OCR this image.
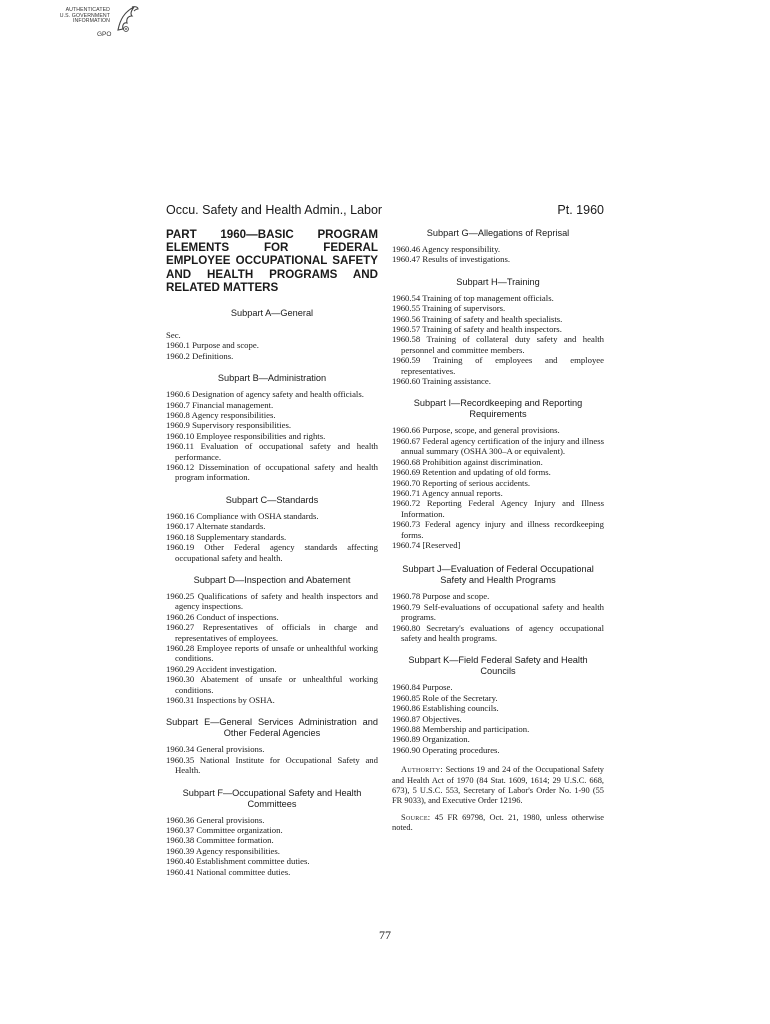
AUTHENTICATED
U.S. GOVERNMENT
INFORMATION
GPO
Occu. Safety and Health Admin., Labor	Pt. 1960
PART 1960—BASIC PROGRAM ELEMENTS FOR FEDERAL EMPLOYEE OCCUPATIONAL SAFETY AND HEALTH PROGRAMS AND RELATED MATTERS
Subpart A—General
Sec.
1960.1 Purpose and scope.
1960.2 Definitions.
Subpart B—Administration
1960.6 Designation of agency safety and health officials.
1960.7 Financial management.
1960.8 Agency responsibilities.
1960.9 Supervisory responsibilities.
1960.10 Employee responsibilities and rights.
1960.11 Evaluation of occupational safety and health performance.
1960.12 Dissemination of occupational safety and health program information.
Subpart C—Standards
1960.16 Compliance with OSHA standards.
1960.17 Alternate standards.
1960.18 Supplementary standards.
1960.19 Other Federal agency standards affecting occupational safety and health.
Subpart D—Inspection and Abatement
1960.25 Qualifications of safety and health inspectors and agency inspections.
1960.26 Conduct of inspections.
1960.27 Representatives of officials in charge and representatives of employees.
1960.28 Employee reports of unsafe or unhealthful working conditions.
1960.29 Accident investigation.
1960.30 Abatement of unsafe or unhealthful working conditions.
1960.31 Inspections by OSHA.
Subpart E—General Services Administration and Other Federal Agencies
1960.34 General provisions.
1960.35 National Institute for Occupational Safety and Health.
Subpart F—Occupational Safety and Health Committees
1960.36 General provisions.
1960.37 Committee organization.
1960.38 Committee formation.
1960.39 Agency responsibilities.
1960.40 Establishment committee duties.
1960.41 National committee duties.
Subpart G—Allegations of Reprisal
1960.46 Agency responsibility.
1960.47 Results of investigations.
Subpart H—Training
1960.54 Training of top management officials.
1960.55 Training of supervisors.
1960.56 Training of safety and health specialists.
1960.57 Training of safety and health inspectors.
1960.58 Training of collateral duty safety and health personnel and committee members.
1960.59 Training of employees and employee representatives.
1960.60 Training assistance.
Subpart I—Recordkeeping and Reporting Requirements
1960.66 Purpose, scope, and general provisions.
1960.67 Federal agency certification of the injury and illness annual summary (OSHA 300–A or equivalent).
1960.68 Prohibition against discrimination.
1960.69 Retention and updating of old forms.
1960.70 Reporting of serious accidents.
1960.71 Agency annual reports.
1960.72 Reporting Federal Agency Injury and Illness Information.
1960.73 Federal agency injury and illness recordkeeping forms.
1960.74 [Reserved]
Subpart J—Evaluation of Federal Occupational Safety and Health Programs
1960.78 Purpose and scope.
1960.79 Self-evaluations of occupational safety and health programs.
1960.80 Secretary's evaluations of agency occupational safety and health programs.
Subpart K—Field Federal Safety and Health Councils
1960.84 Purpose.
1960.85 Role of the Secretary.
1960.86 Establishing councils.
1960.87 Objectives.
1960.88 Membership and participation.
1960.89 Organization.
1960.90 Operating procedures.

Authority: Sections 19 and 24 of the Occupational Safety and Health Act of 1970 (84 Stat. 1609, 1614; 29 U.S.C. 668, 673), 5 U.S.C. 553, Secretary of Labor's Order No. 1-90 (55 FR 9033), and Executive Order 12196.

Source: 45 FR 69798, Oct. 21, 1980, unless otherwise noted.

77
